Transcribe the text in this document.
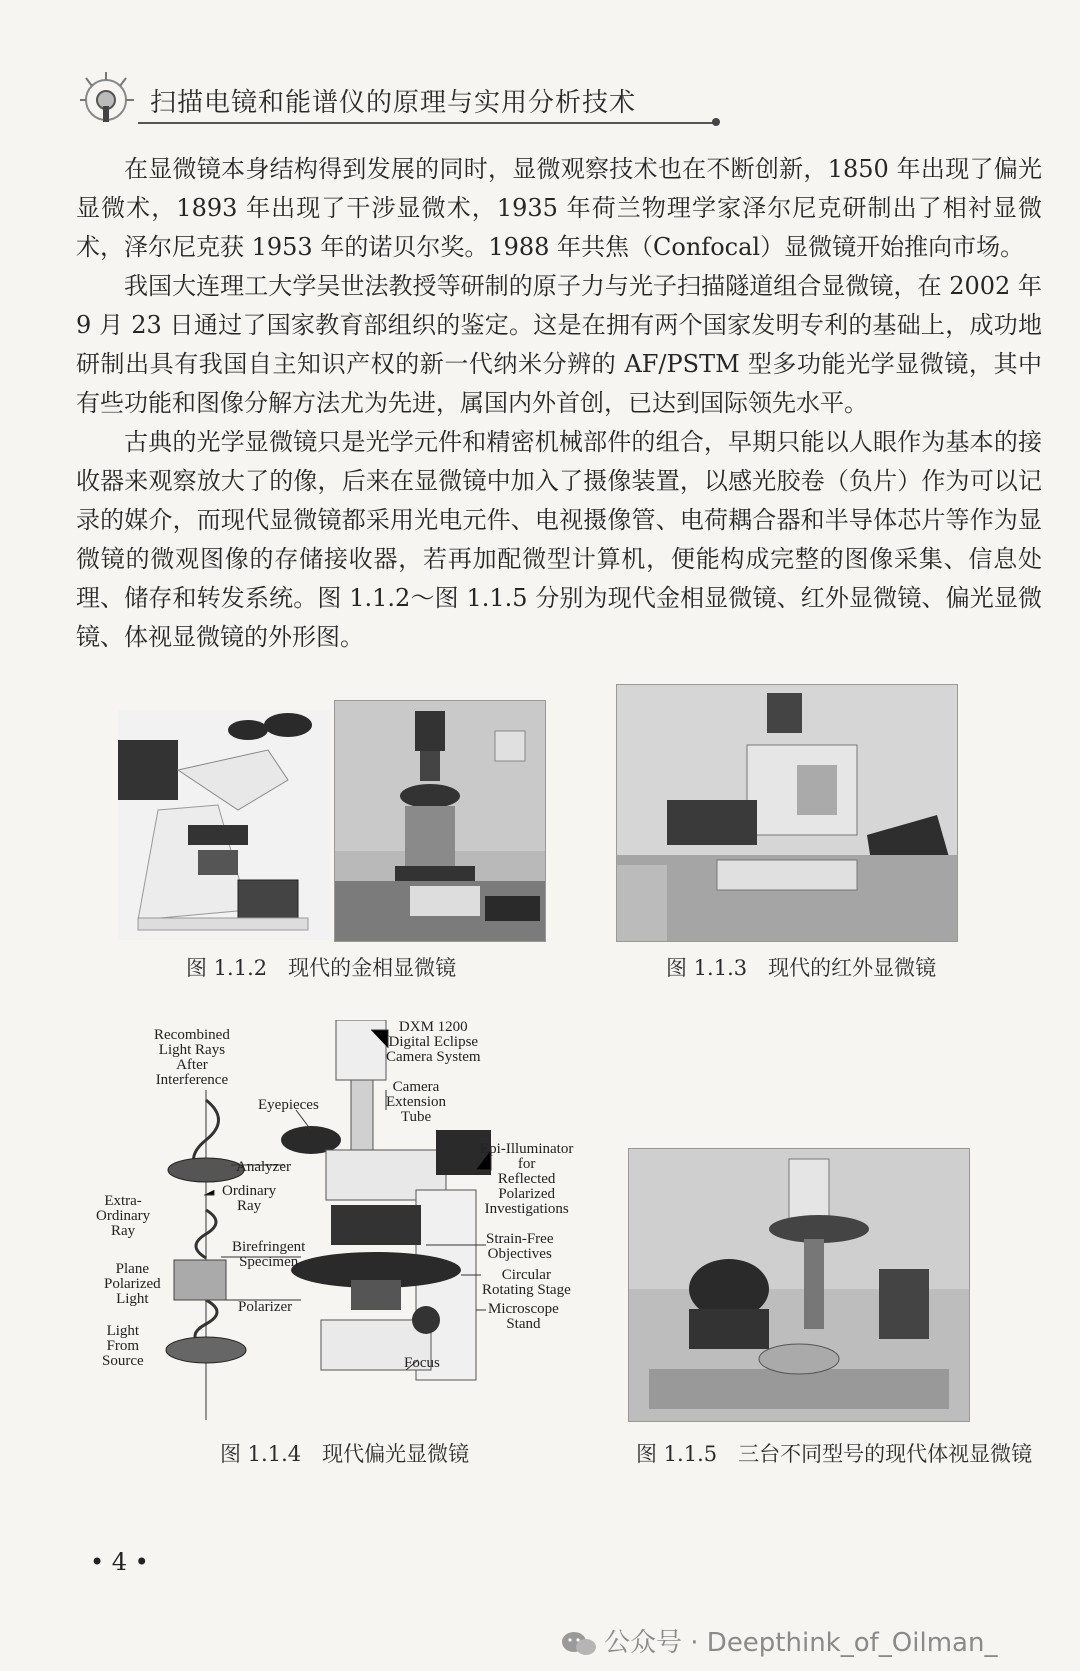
扫描电镜和能谱仪的原理与实用分析技术

在显微镜本身结构得到发展的同时，显微观察技术也在不断创新，1850 年出现了偏光显微术，1893 年出现了干涉显微术，1935 年荷兰物理学家泽尔尼克研制出了相衬显微术，泽尔尼克获 1953 年的诺贝尔奖。1988 年共焦（Confocal）显微镜开始推向市场。

我国大连理工大学吴世法教授等研制的原子力与光子扫描隧道组合显微镜，在 2002 年 9 月 23 日通过了国家教育部组织的鉴定。这是在拥有两个国家发明专利的基础上，成功地研制出具有我国自主知识产权的新一代纳米分辨的 AF/PSTM 型多功能光学显微镜，其中有些功能和图像分解方法尤为先进，属国内外首创，已达到国际领先水平。

古典的光学显微镜只是光学元件和精密机械部件的组合，早期只能以人眼作为基本的接收器来观察放大了的像，后来在显微镜中加入了摄像装置，以感光胶卷（负片）作为可以记录的媒介，而现代显微镜都采用光电元件、电视摄像管、电荷耦合器和半导体芯片等作为显微镜的微观图像的存储接收器，若再加配微型计算机，便能构成完整的图像采集、信息处理、储存和转发系统。图 1.1.2～图 1.1.5 分别为现代金相显微镜、红外显微镜、偏光显微镜、体视显微镜的外形图。

图 1.1.2　现代的金相显微镜	图 1.1.3　现代的红外显微镜
Recombined
Light Rays
After
Interference
DXM 1200
Digital Eclipse
Camera System
Camera
Extension
Tube
Eyepieces
Analyzer
Ordinary
Ray
Extra-
Ordinary
Ray
Epi-Illuminator
for
Reflected
Polarized
Investigations
Birefringent
Specimen
Strain-Free
Objectives
Plane
Polarized
Light
Circular
Rotating Stage
Polarizer	Microscope
Stand
Light
From
Source	Focus
图 1.1.4　现代偏光显微镜	图 1.1.5　三台不同型号的现代体视显微镜
• 4 •
公众号 · Deepthink_of_Oilman_
